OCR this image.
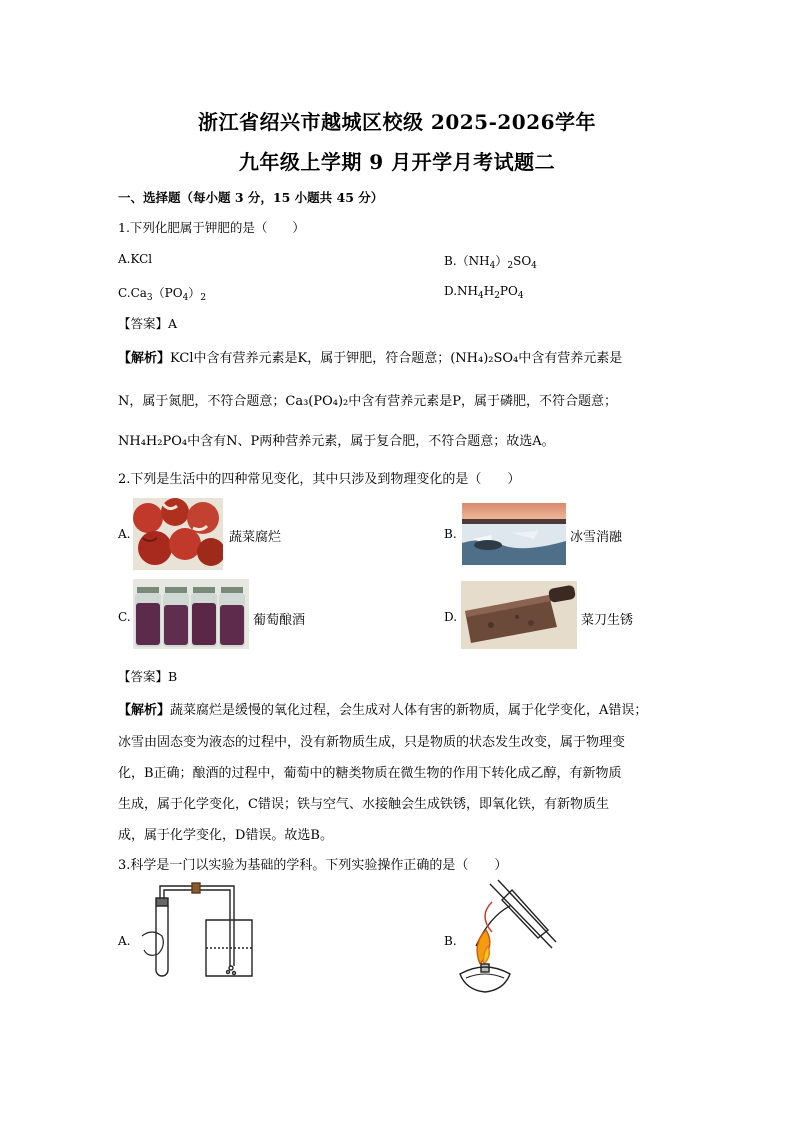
浙江省绍兴市越城区校级 2025-2026学年
九年级上学期 9 月开学月考试题二
一、选择题（每小题 3 分，15 小题共 45 分）
1.下列化肥属于钾肥的是（　　）
A.KCl	$B.(NH_4)_2SO_4$
$C.Ca_3(PO_4)_2$	$D.NH_4H_2PO_4$
【答案】A
【解析】KCl中含有营养元素是K，属于钾肥，符合题意；(NH₄)₂SO₄中含有营养元素是
N，属于氮肥，不符合题意；Ca₃(PO₄)₂中含有营养元素是P，属于磷肥，不符合题意；
NH₄H₂PO₄中含有N、P两种营养元素，属于复合肥，不符合题意；故选A。
2.下列是生活中的四种常见变化，其中只涉及到物理变化的是（　　）
A.	蔬菜腐烂	B.	冰雪消融
C.	葡萄酿酒	D.	菜刀生锈
【答案】B
【解析】蔬菜腐烂是缓慢的氧化过程，会生成对人体有害的新物质，属于化学变化，A错误；
冰雪由固态变为液态的过程中，没有新物质生成，只是物质的状态发生改变，属于物理变
化，B正确；酿酒的过程中，葡萄中的糖类物质在微生物的作用下转化成乙醇，有新物质
生成，属于化学变化，C错误；铁与空气、水接触会生成铁锈，即氧化铁，有新物质生
成，属于化学变化，D错误。故选B。
3.科学是一门以实验为基础的学科。下列实验操作正确的是（　　）
A.	B.
